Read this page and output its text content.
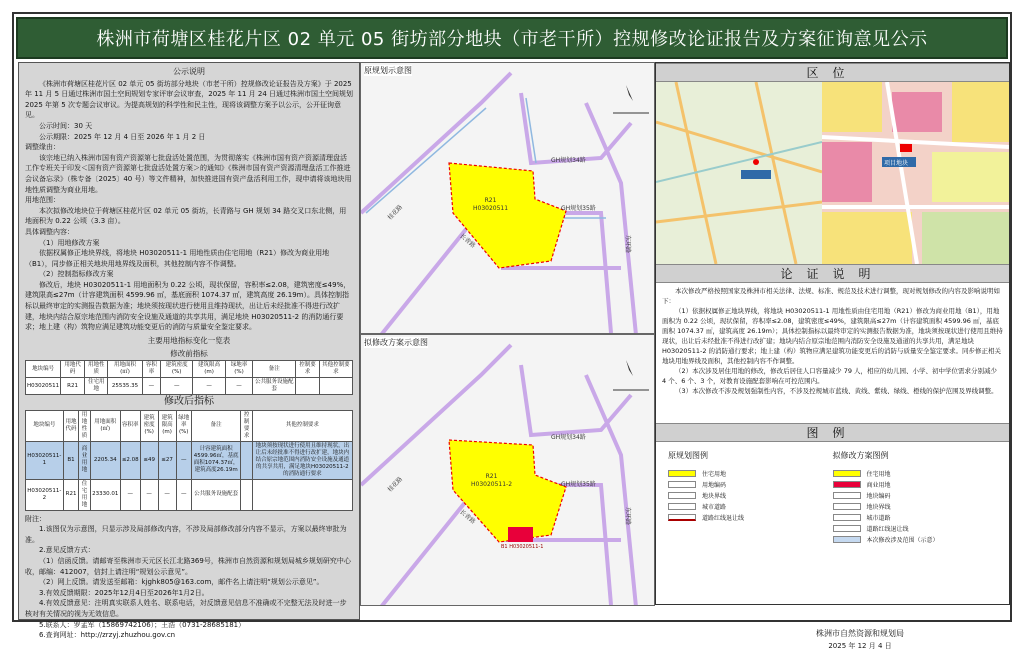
株洲市荷塘区桂花片区 02 单元 05 街坊部分地块（市老干所）控规修改论证报告及方案征询意见公示
公示说明

《株洲市荷塘区桂花片区 02 单元 05 街坊部分地块（市老干所）控规修改论证报告及方案》于 2025 年 11 月 5 日通过株洲市国土空间规划专家评审会议审查，2025 年 11 月 24 日通过株洲市国土空间规划 2025 年第 5 次专题会议审议。为提高规划的科学性和民主性，现将该调整方案予以公示，公开征询意见。

公示时间：30 天

公示期限：2025 年 12 月 4 日至 2026 年 1 月 2 日

调整缘由：

该宗地已纳入株洲市国有资产资源第七批盘活处置范围，为贯彻落实《株洲市国有资产资源清理盘活工作专班关于印发＜国有资产资源第七批盘活处置方案＞的通知》《株洲市国有资产资源清理盘活工作推进会议备忘录》（株专备〔2025〕40 号）等文件精神，加快推进国有资产盘活利用工作，现申请将该地块用地性质调整为商业用地。

用地范围：

本次拟修改地块位于荷塘区桂花片区 02 单元 05 街坊，长青路与 GH 规划 34 路交叉口东北侧，用地面积为 0.22 公顷（3.3 亩）。

具体调整内容：

（1）用地修改方案

依据权属修正地块界线，将地块 H03020511-1 用地性质由住宅用地（R21）修改为商业用地（B1），同步修正相关地块用地界线及面积，其他控制内容不作调整。

（2）控制指标修改方案

修改后，地块 H03020511-1 用地面积为 0.22 公顷，现状保留，容积率≤2.08，建筑密度≤49%，建筑限高≤27m（计容建筑面积 4599.96 ㎡，基底面积 1074.37 ㎡，建筑高度 26.19m）。具体控制指标以最终审定的实测报告数据为准；地块须按现状进行使用且维持现状，出让后未经批准不得进行改扩建，地块内结合原宗地范围内消防安全设施及通道的共享共用，满足地块 H03020511-2 的消防通行要求；地上建（构）筑物应满足建筑功能变更后的消防与质量安全鉴定要求。

主要用地指标变化一览表
修改前指标
地块编号	用地代码	用地性质	用地面积(㎡)	容积率	建筑密度(%)	建筑限高(m)	绿地率(%)	备注	控制要求	其他控制要求
H03020511	R21	住宅用地	25535.35	—	—	—	—	公共服务设施配套		
修改后指标
地块编号	用地代码	用地性质	用地面积(㎡)	容积率	建筑密度(%)	建筑限高(m)	绿地率(%)	备注	控制要求	其他控制要求
H03020511-1	B1	商业用地	2205.34	≤2.08	≤49	≤27	—	计容建筑面积4599.96㎡，基底面积1074.37㎡，建筑高度26.19m		地块须按现状进行使用且维持现状，出让后未经批准不得进行改扩建，地块内结合原宗地范围内消防安全设施及通道的共享共用，满足地块H03020511-2的消防通行要求
H03020511-2	R21	住宅用地	23330.01	—	—	—	—	公共服务设施配套		

附注：

1.该图仅为示意图，只显示涉及局部修改内容，不涉及局部修改部分内容不显示，方案以最终审批为准。

2.意见反馈方式：

（1）信函反馈。请邮寄至株洲市天元区长江北路369号，株洲市自然资源和规划局城乡规划研究中心收，邮编：412007，信封上请注明“规划公示意见”。

（2）网上反馈。请发送至邮箱：kjghk805@163.com，邮件名上请注明“规划公示意见”。

3.有效反馈期限：2025年12月4日至2026年1月2日。

4.有效反馈意见：注明真实联系人姓名、联系电话，対反馈意见信息不准确或不完整无法及时进一步核对有关情况的视为无效信息。

5.联系人：罗孟军（15869742106）；王浩（0731-28685181）

6.查询网址：http://zrzyj.zhuzhou.gov.cn

原规划示意图
R21
H03020511
桂花路
GH规划34路
GH规划35路
长青路	东环路
拟修改方案示意图
R21
H03020511-2
B1 H03020511-1
桂花路
GH规划34路
GH规划35路
长青路	东环路
区位
项目地块
论证说明

本次修改严格按照国家及株洲市相关法律、法规、标准、规范及技术进行调整，现对规划修改的内容及影响说明如下：

（1）依据权属修正地块界线，将地块 H03020511-1 用地性质由住宅用地（R21）修改为商业用地（B1），用地面积为 0.22 公顷，现状保留，容积率≤2.08，建筑密度≤49%，建筑限高≤27m（计容建筑面积 4599.96 ㎡，基底面积 1074.37 ㎡，建筑高度 26.19m）；具体控制指标以最终审定的实测报告数据为准，地块须按现状进行使用且维持现状，出让后未经批准不得进行改扩建；地块内结合原宗地范围内消防安全设施及通道的共享共用，满足地块 H03020511-2 的消防通行要求；地上建（构）筑物应满足建筑功能变更后的消防与质量安全鉴定要求。同步修正相关地块用地界线及面积，其他控制内容不作调整。

（2）本次涉及居住用地的修改，修改后居住人口容量减少 79 人，相应的幼儿园、小学、初中学位需求分别减少 4 个、6 个、3 个，对教育设施配套影响在可控范围内。

（3）本次修改不涉及规划强制性内容，不涉及控规城市蓝线、黄线、紫线、绿线、橙线的保护范围及界线调整。

图例
原规划图例
住宅用地
用地编码
地块界线
城市道路
道路红线退让线
拟修改方案图例
住宅用地
商业用地
地块编码
地块界线
城市道路
道路红线退让线
本次修改涉及范围（示意）
株洲市自然资源和规划局
2025 年 12 月 4 日
